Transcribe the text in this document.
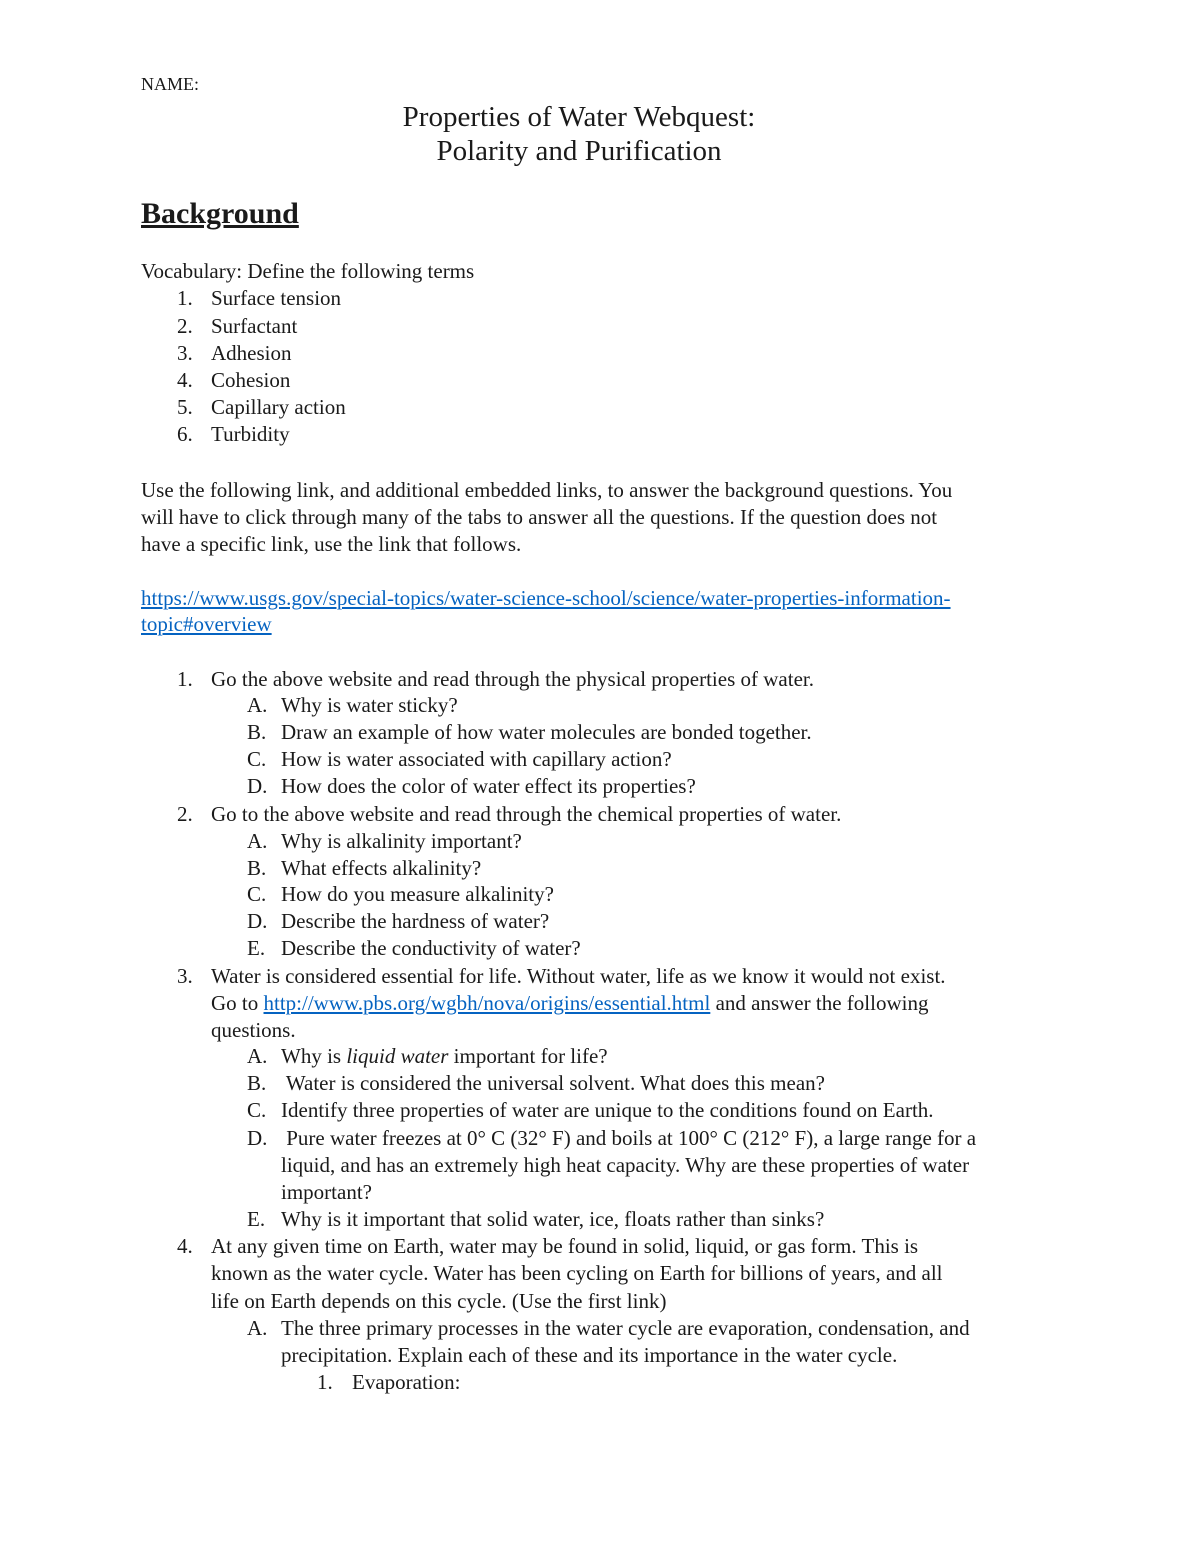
NAME:
Properties of Water Webquest:
Polarity and Purification
Background
Vocabulary: Define the following terms
1. Surface tension
2. Surfactant
3. Adhesion
4. Cohesion
5. Capillary action
6. Turbidity
Use the following link, and additional embedded links, to answer the background questions. You
will have to click through many of the tabs to answer all the questions. If the question does not
have a specific link, use the link that follows.
https://www.usgs.gov/special-topics/water-science-school/science/water-properties-information-
topic#overview
1. Go the above website and read through the physical properties of water.
A. Why is water sticky?
B. Draw an example of how water molecules are bonded together.
C. How is water associated with capillary action?
D. How does the color of water effect its properties?
2. Go to the above website and read through the chemical properties of water.
A. Why is alkalinity important?
B. What effects alkalinity?
C. How do you measure alkalinity?
D. Describe the hardness of water?
E. Describe the conductivity of water?
3. Water is considered essential for life. Without water, life as we know it would not exist.
Go to http://www.pbs.org/wgbh/nova/origins/essential.html and answer the following
questions.
A. Why is liquid water important for life?
B. Water is considered the universal solvent. What does this mean?
C. Identify three properties of water are unique to the conditions found on Earth.
D. Pure water freezes at 0° C (32° F) and boils at 100° C (212° F), a large range for a
liquid, and has an extremely high heat capacity. Why are these properties of water
important?
E. Why is it important that solid water, ice, floats rather than sinks?
4. At any given time on Earth, water may be found in solid, liquid, or gas form. This is
known as the water cycle. Water has been cycling on Earth for billions of years, and all
life on Earth depends on this cycle. (Use the first link)
A. The three primary processes in the water cycle are evaporation, condensation, and
precipitation. Explain each of these and its importance in the water cycle.
1. Evaporation:
